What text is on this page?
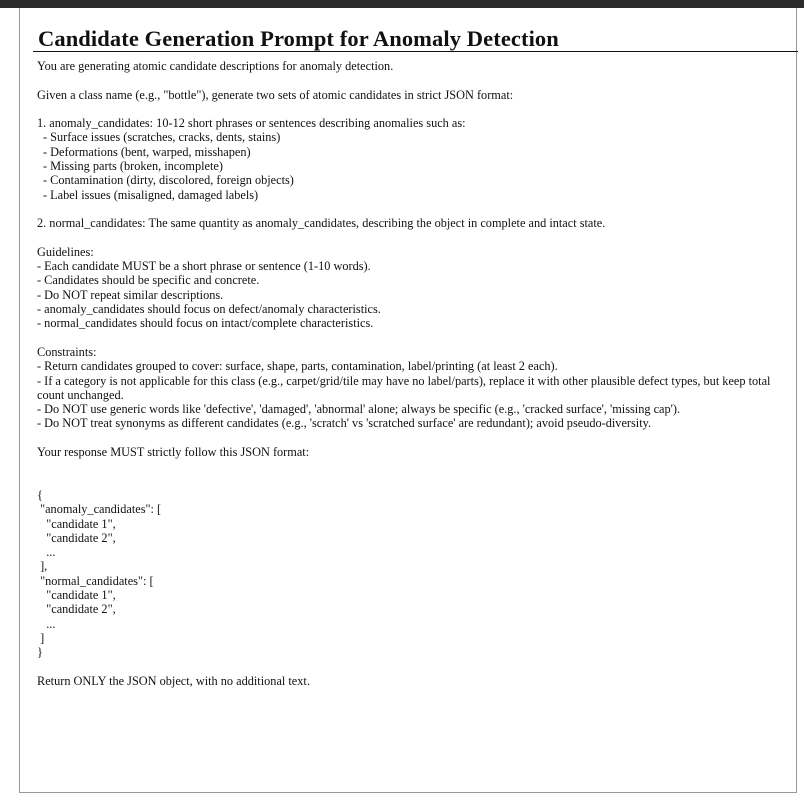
Candidate Generation Prompt for Anomaly Detection

You are generating atomic candidate descriptions for anomaly detection.

Given a class name (e.g., "bottle"), generate two sets of atomic candidates in strict JSON format:

1. anomaly_candidates: 10-12 short phrases or sentences describing anomalies such as:

- Surface issues (scratches, cracks, dents, stains)

- Deformations (bent, warped, misshapen)

- Missing parts (broken, incomplete)

- Contamination (dirty, discolored, foreign objects)

- Label issues (misaligned, damaged labels)

2. normal_candidates: The same quantity as anomaly_candidates, describing the object in complete and intact state.

Guidelines:

- Each candidate MUST be a short phrase or sentence (1-10 words).

- Candidates should be specific and concrete.

- Do NOT repeat similar descriptions.

- anomaly_candidates should focus on defect/anomaly characteristics.

- normal_candidates should focus on intact/complete characteristics.

Constraints:

- Return candidates grouped to cover: surface, shape, parts, contamination, label/printing (at least 2 each).

- If a category is not applicable for this class (e.g., carpet/grid/tile may have no label/parts), replace it with other plausible defect types, but keep total count unchanged.

- Do NOT use generic words like 'defective', 'damaged', 'abnormal' alone; always be specific (e.g., 'cracked surface', 'missing cap').

- Do NOT treat synonyms as different candidates (e.g., 'scratch' vs 'scratched surface' are redundant); avoid pseudo-diversity.

Your response MUST strictly follow this JSON format:

{

"anomaly_candidates": [

"candidate 1",

"candidate 2",

...

],

"normal_candidates": [

"candidate 1",

"candidate 2",

...

]

}

Return ONLY the JSON object, with no additional text.
